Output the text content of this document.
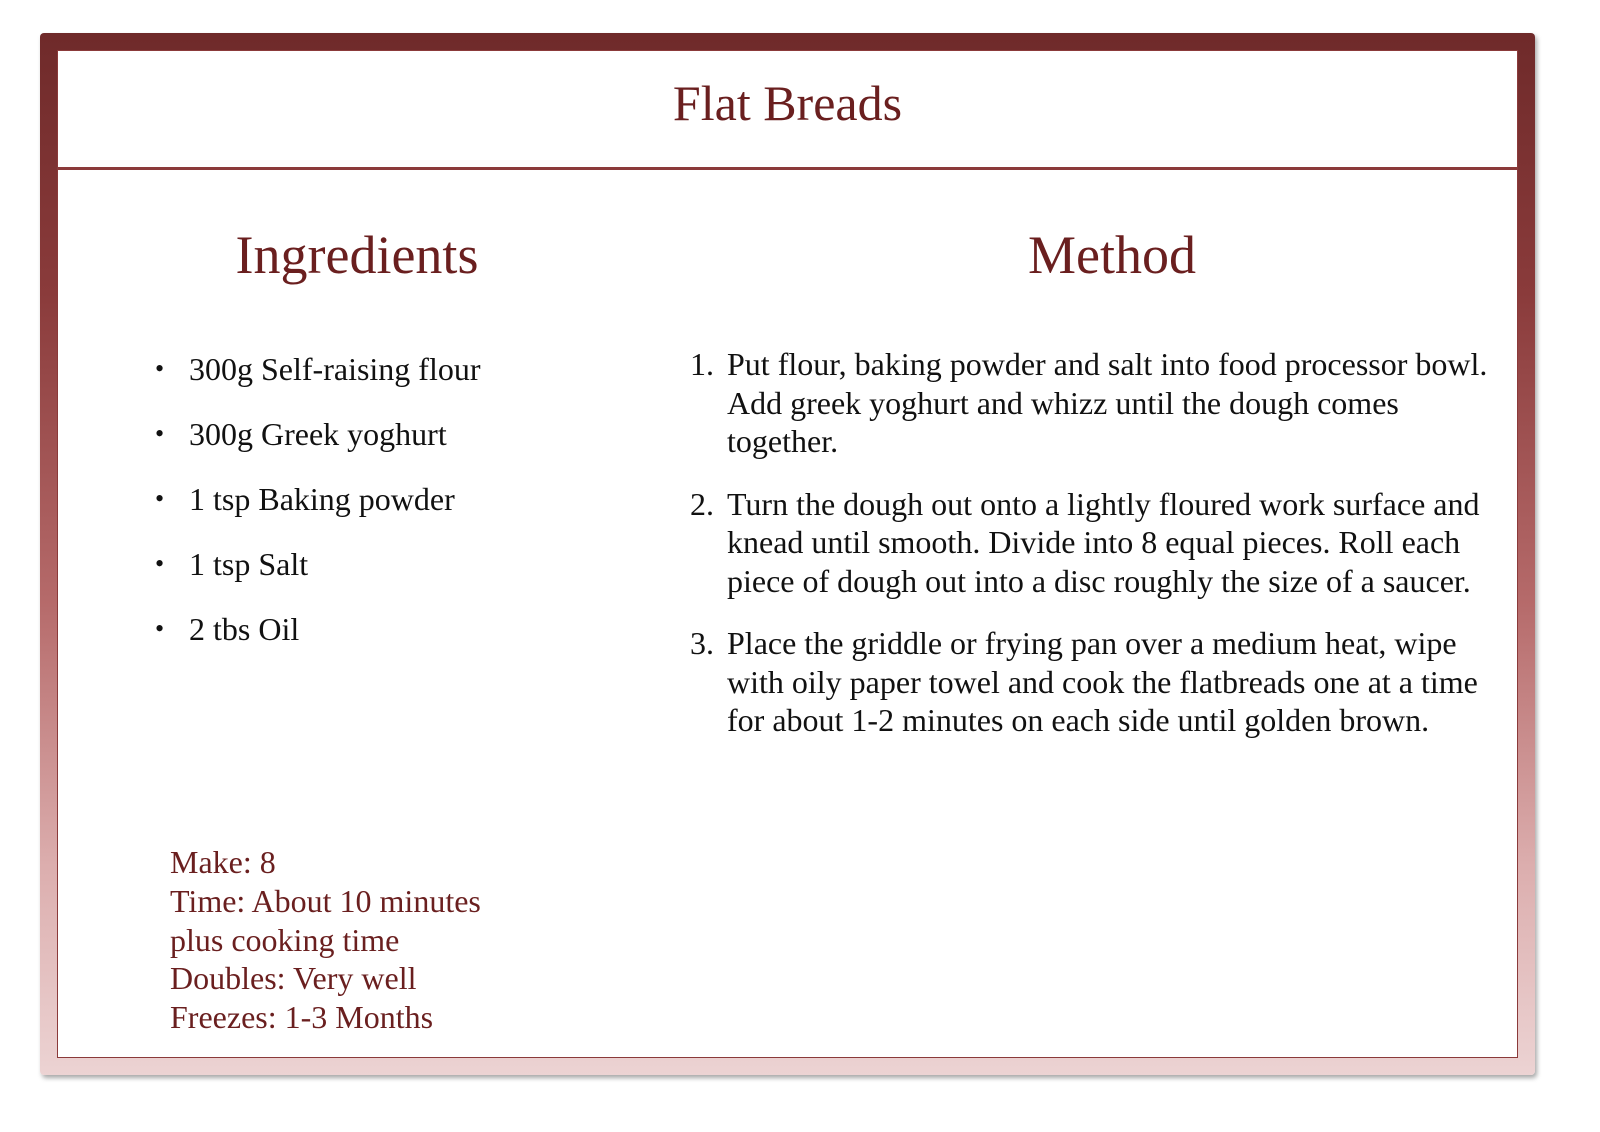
Flat Breads
Ingredients	Method
• 300g Self-raising flour
• 300g Greek yoghurt
• 1 tsp Baking powder
• 1 tsp Salt
• 2 tbs Oil
1. Put flour, baking powder and salt into food processor bowl. Add greek yoghurt and whizz until the dough comes together.
2. Turn the dough out onto a lightly floured work surface and knead until smooth. Divide into 8 equal pieces. Roll each piece of dough out into a disc roughly the size of a saucer.
3. Place the griddle or frying pan over a medium heat, wipe with oily paper towel and cook the flatbreads one at a time for about 1-2 minutes on each side until golden brown.
Make: 8
Time: About 10 minutes
plus cooking time
Doubles: Very well
Freezes: 1-3 Months
